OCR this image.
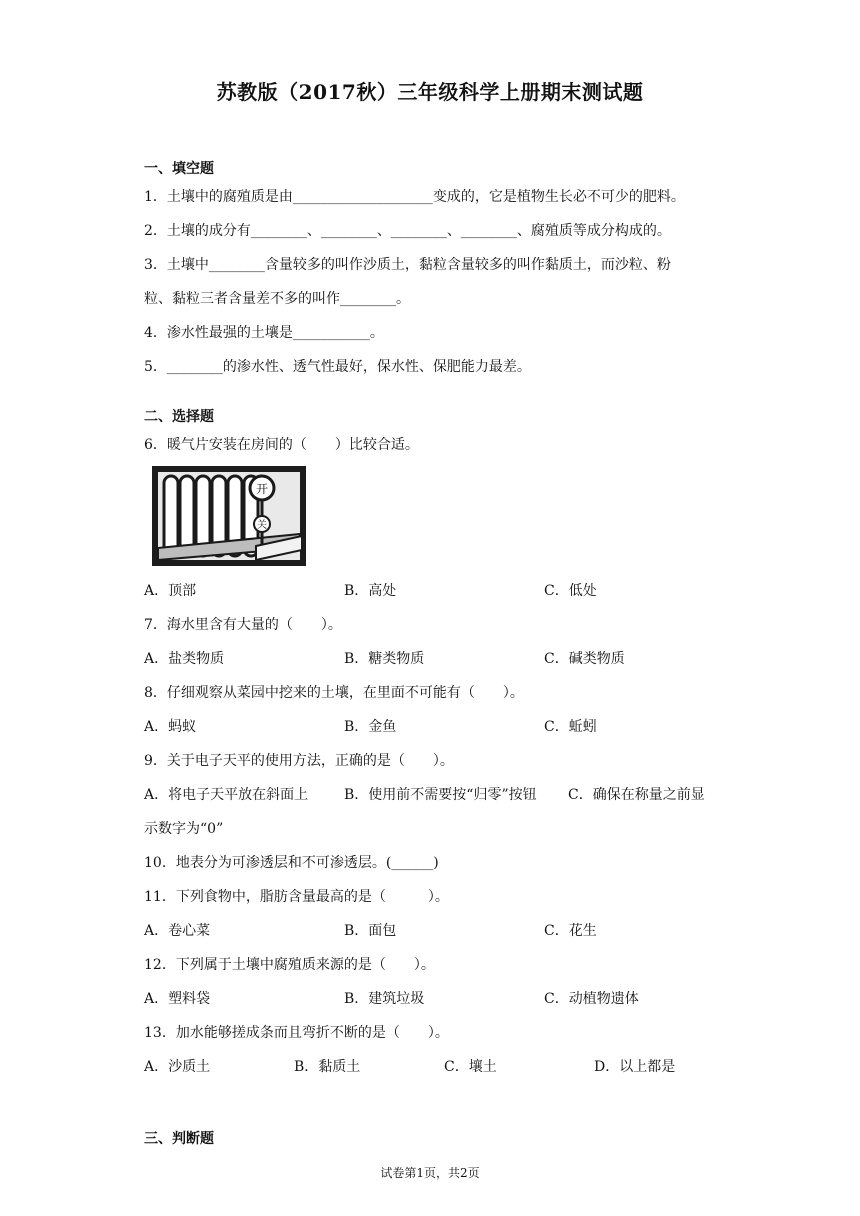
苏教版（2017秋）三年级科学上册期末测试题
一、填空题
1．土壤中的腐殖质是由____________________变成的，它是植物生长必不可少的肥料。
2．土壤的成分有________、________、________、________、腐殖质等成分构成的。
3．土壤中________含量较多的叫作沙质土，黏粒含量较多的叫作黏质土，而沙粒、粉
粒、黏粒三者含量差不多的叫作________。
4．渗水性最强的土壤是___________。
5．________的渗水性、透气性最好，保水性、保肥能力最差。
二、选择题
6．暖气片安装在房间的（　　）比较合适。
开
关
A．顶部	B．高处	C．低处
7．海水里含有大量的（　　）。
A．盐类物质	B．糖类物质	C．碱类物质
8．仔细观察从菜园中挖来的土壤，在里面不可能有（　　）。
A．蚂蚁	B．金鱼	C．蚯蚓
9．关于电子天平的使用方法，正确的是（　　）。
A．将电子天平放在斜面上	B．使用前不需要按“归零”按钮 C．确保在称量之前显
示数字为“0”
10．地表分为可渗透层和不可渗透层。(______)
11．下列食物中，脂肪含量最高的是（　　　）。
A．卷心菜	B．面包	C．花生
12．下列属于土壤中腐殖质来源的是（　　）。
A．塑料袋	B．建筑垃圾	C．动植物遗体
13．加水能够搓成条而且弯折不断的是（　　）。
A．沙质土	B．黏质土	C．壤土	D．以上都是
三、判断题
试卷第1页，共2页
